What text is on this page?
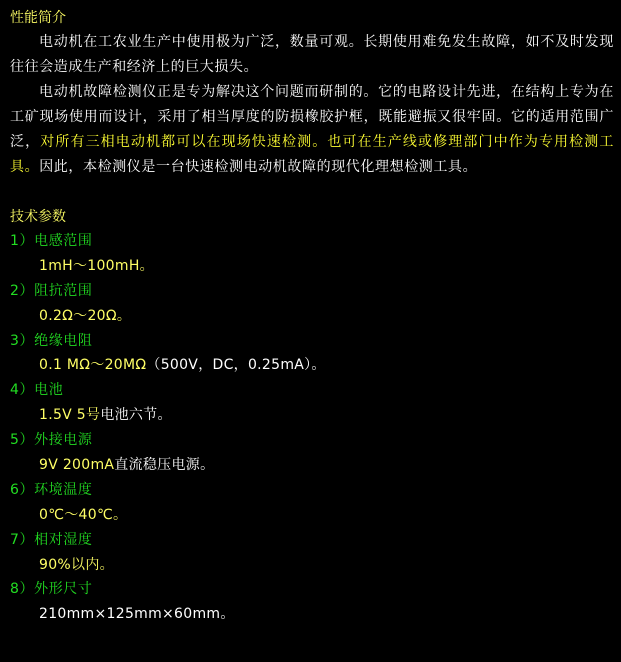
性能简介

电动机在工农业生产中使用极为广泛，数量可观。长期使用难免发生故障，如不及时发现往往会造成生产和经济上的巨大损失。

电动机故障检测仪正是专为解决这个问题而研制的。它的电路设计先进，在结构上专为在工矿现场使用而设计，采用了相当厚度的防损橡胶护框，既能避振又很牢固。它的适用范围广泛，对所有三相电动机都可以在现场快速检测。也可在生产线或修理部门中作为专用检测工具。因此，本检测仪是一台快速检测电动机故障的现代化理想检测工具。

技术参数
1）电感范围
1mH～100mH。
2）阻抗范围
0.2Ω～20Ω。
3）绝缘电阻
0.1 MΩ～20MΩ（500V，DC，0.25mA）。
4）电池
1.5V 5号电池六节。
5）外接电源
9V 200mA直流稳压电源。
6）环境温度
0℃～40℃。
7）相对湿度
90%以内。
8）外形尺寸
210mm×125mm×60mm。
